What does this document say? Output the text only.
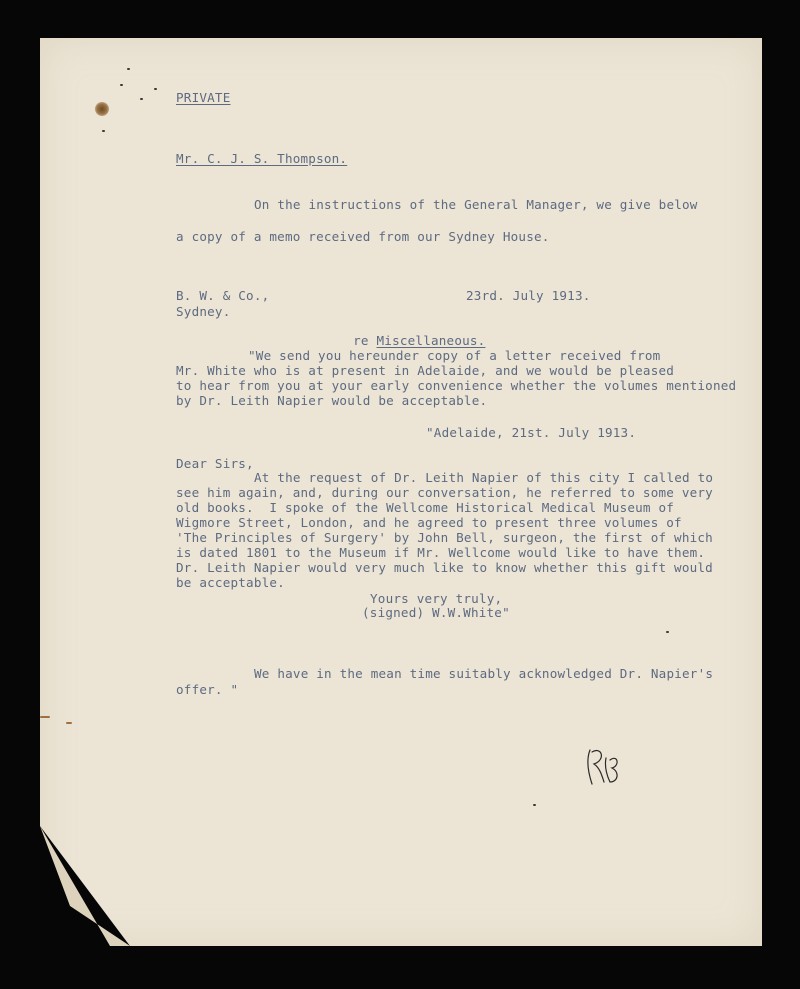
PRIVATE
Mr. C. J. S. Thompson.
On the instructions of the General Manager, we give below
a copy of a memo received from our Sydney House.
B. W. & Co.,	23rd. July 1913.
Sydney.

re Miscellaneous.

"We send you hereunder copy of a letter received from
Mr. White who is at present in Adelaide, and we would be pleased
to hear from you at your early convenience whether the volumes mentioned
by Dr. Leith Napier would be acceptable.
"Adelaide, 21st. July 1913.
Dear Sirs,
At the request of Dr. Leith Napier of this city I called to
see him again, and, during our conversation, he referred to some very
old books.  I spoke of the Wellcome Historical Medical Museum of
Wigmore Street, London, and he agreed to present three volumes of
'The Principles of Surgery' by John Bell, surgeon, the first of which
is dated 1801 to the Museum if Mr. Wellcome would like to have them.
Dr. Leith Napier would very much like to know whether this gift would
be acceptable.
Yours very truly,
(signed) W.W.White"
We have in the mean time suitably acknowledged Dr. Napier's
offer. "
